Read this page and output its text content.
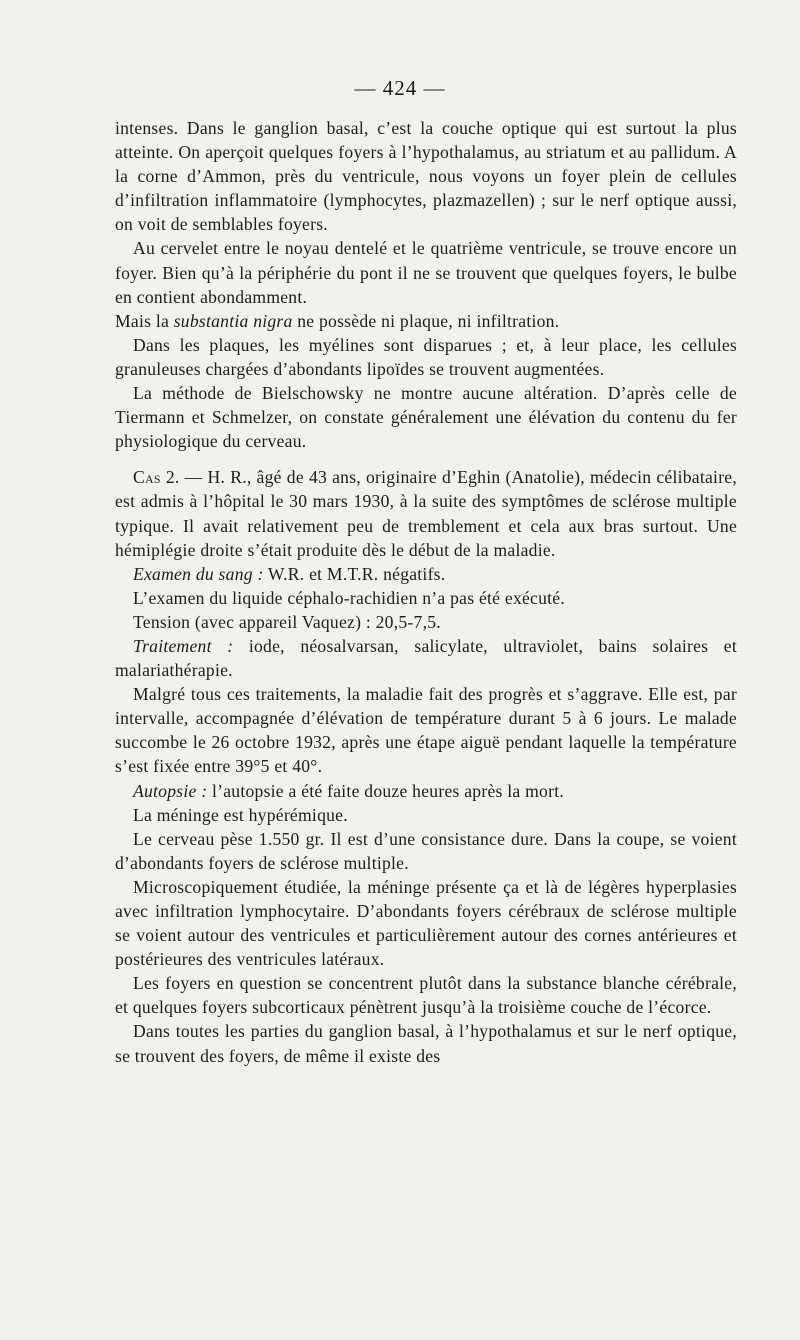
— 424 —

intenses. Dans le ganglion basal, c’est la couche optique qui est surtout la plus atteinte. On aperçoit quelques foyers à l’hypothalamus, au striatum et au pallidum. A la corne d’Ammon, près du ventricule, nous voyons un foyer plein de cellules d’infiltration inflammatoire (lymphocytes, plazmazellen) ; sur le nerf optique aussi, on voit de semblables foyers.

Au cervelet entre le noyau dentelé et le quatrième ventricule, se trouve encore un foyer. Bien qu’à la périphérie du pont il ne se trouvent que quelques foyers, le bulbe en contient abondamment.

Mais la substantia nigra ne possède ni plaque, ni infiltration.

Dans les plaques, les myélines sont disparues ; et, à leur place, les cellules granuleuses chargées d’abondants lipoïdes se trouvent augmentées.

La méthode de Bielschowsky ne montre aucune altération. D’après celle de Tiermann et Schmelzer, on constate généralement une élévation du contenu du fer physiologique du cerveau.

Cas 2. — H. R., âgé de 43 ans, originaire d’Eghin (Anatolie), médecin célibataire, est admis à l’hôpital le 30 mars 1930, à la suite des symptômes de sclérose multiple typique. Il avait relativement peu de tremblement et cela aux bras surtout. Une hémiplégie droite s’était produite dès le début de la maladie.

Examen du sang : W.R. et M.T.R. négatifs.

L’examen du liquide céphalo-rachidien n’a pas été exécuté.

Tension (avec appareil Vaquez) : 20,5-7,5.

Traitement : iode, néosalvarsan, salicylate, ultraviolet, bains solaires et malariathérapie.

Malgré tous ces traitements, la maladie fait des progrès et s’aggrave. Elle est, par intervalle, accompagnée d’élévation de température durant 5 à 6 jours. Le malade succombe le 26 octobre 1932, après une étape aiguë pendant laquelle la température s’est fixée entre 39°5 et 40°.

Autopsie : l’autopsie a été faite douze heures après la mort.

La méninge est hypérémique.

Le cerveau pèse 1.550 gr. Il est d’une consistance dure. Dans la coupe, se voient d’abondants foyers de sclérose multiple.

Microscopiquement étudiée, la méninge présente ça et là de légères hyperplasies avec infiltration lymphocytaire. D’abondants foyers cérébraux de sclérose multiple se voient autour des ventricules et particulièrement autour des cornes antérieures et postérieures des ventricules latéraux.

Les foyers en question se concentrent plutôt dans la substance blanche cérébrale, et quelques foyers subcorticaux pénètrent jusqu’à la troisième couche de l’écorce.

Dans toutes les parties du ganglion basal, à l’hypothalamus et sur le nerf optique, se trouvent des foyers, de même il existe des
